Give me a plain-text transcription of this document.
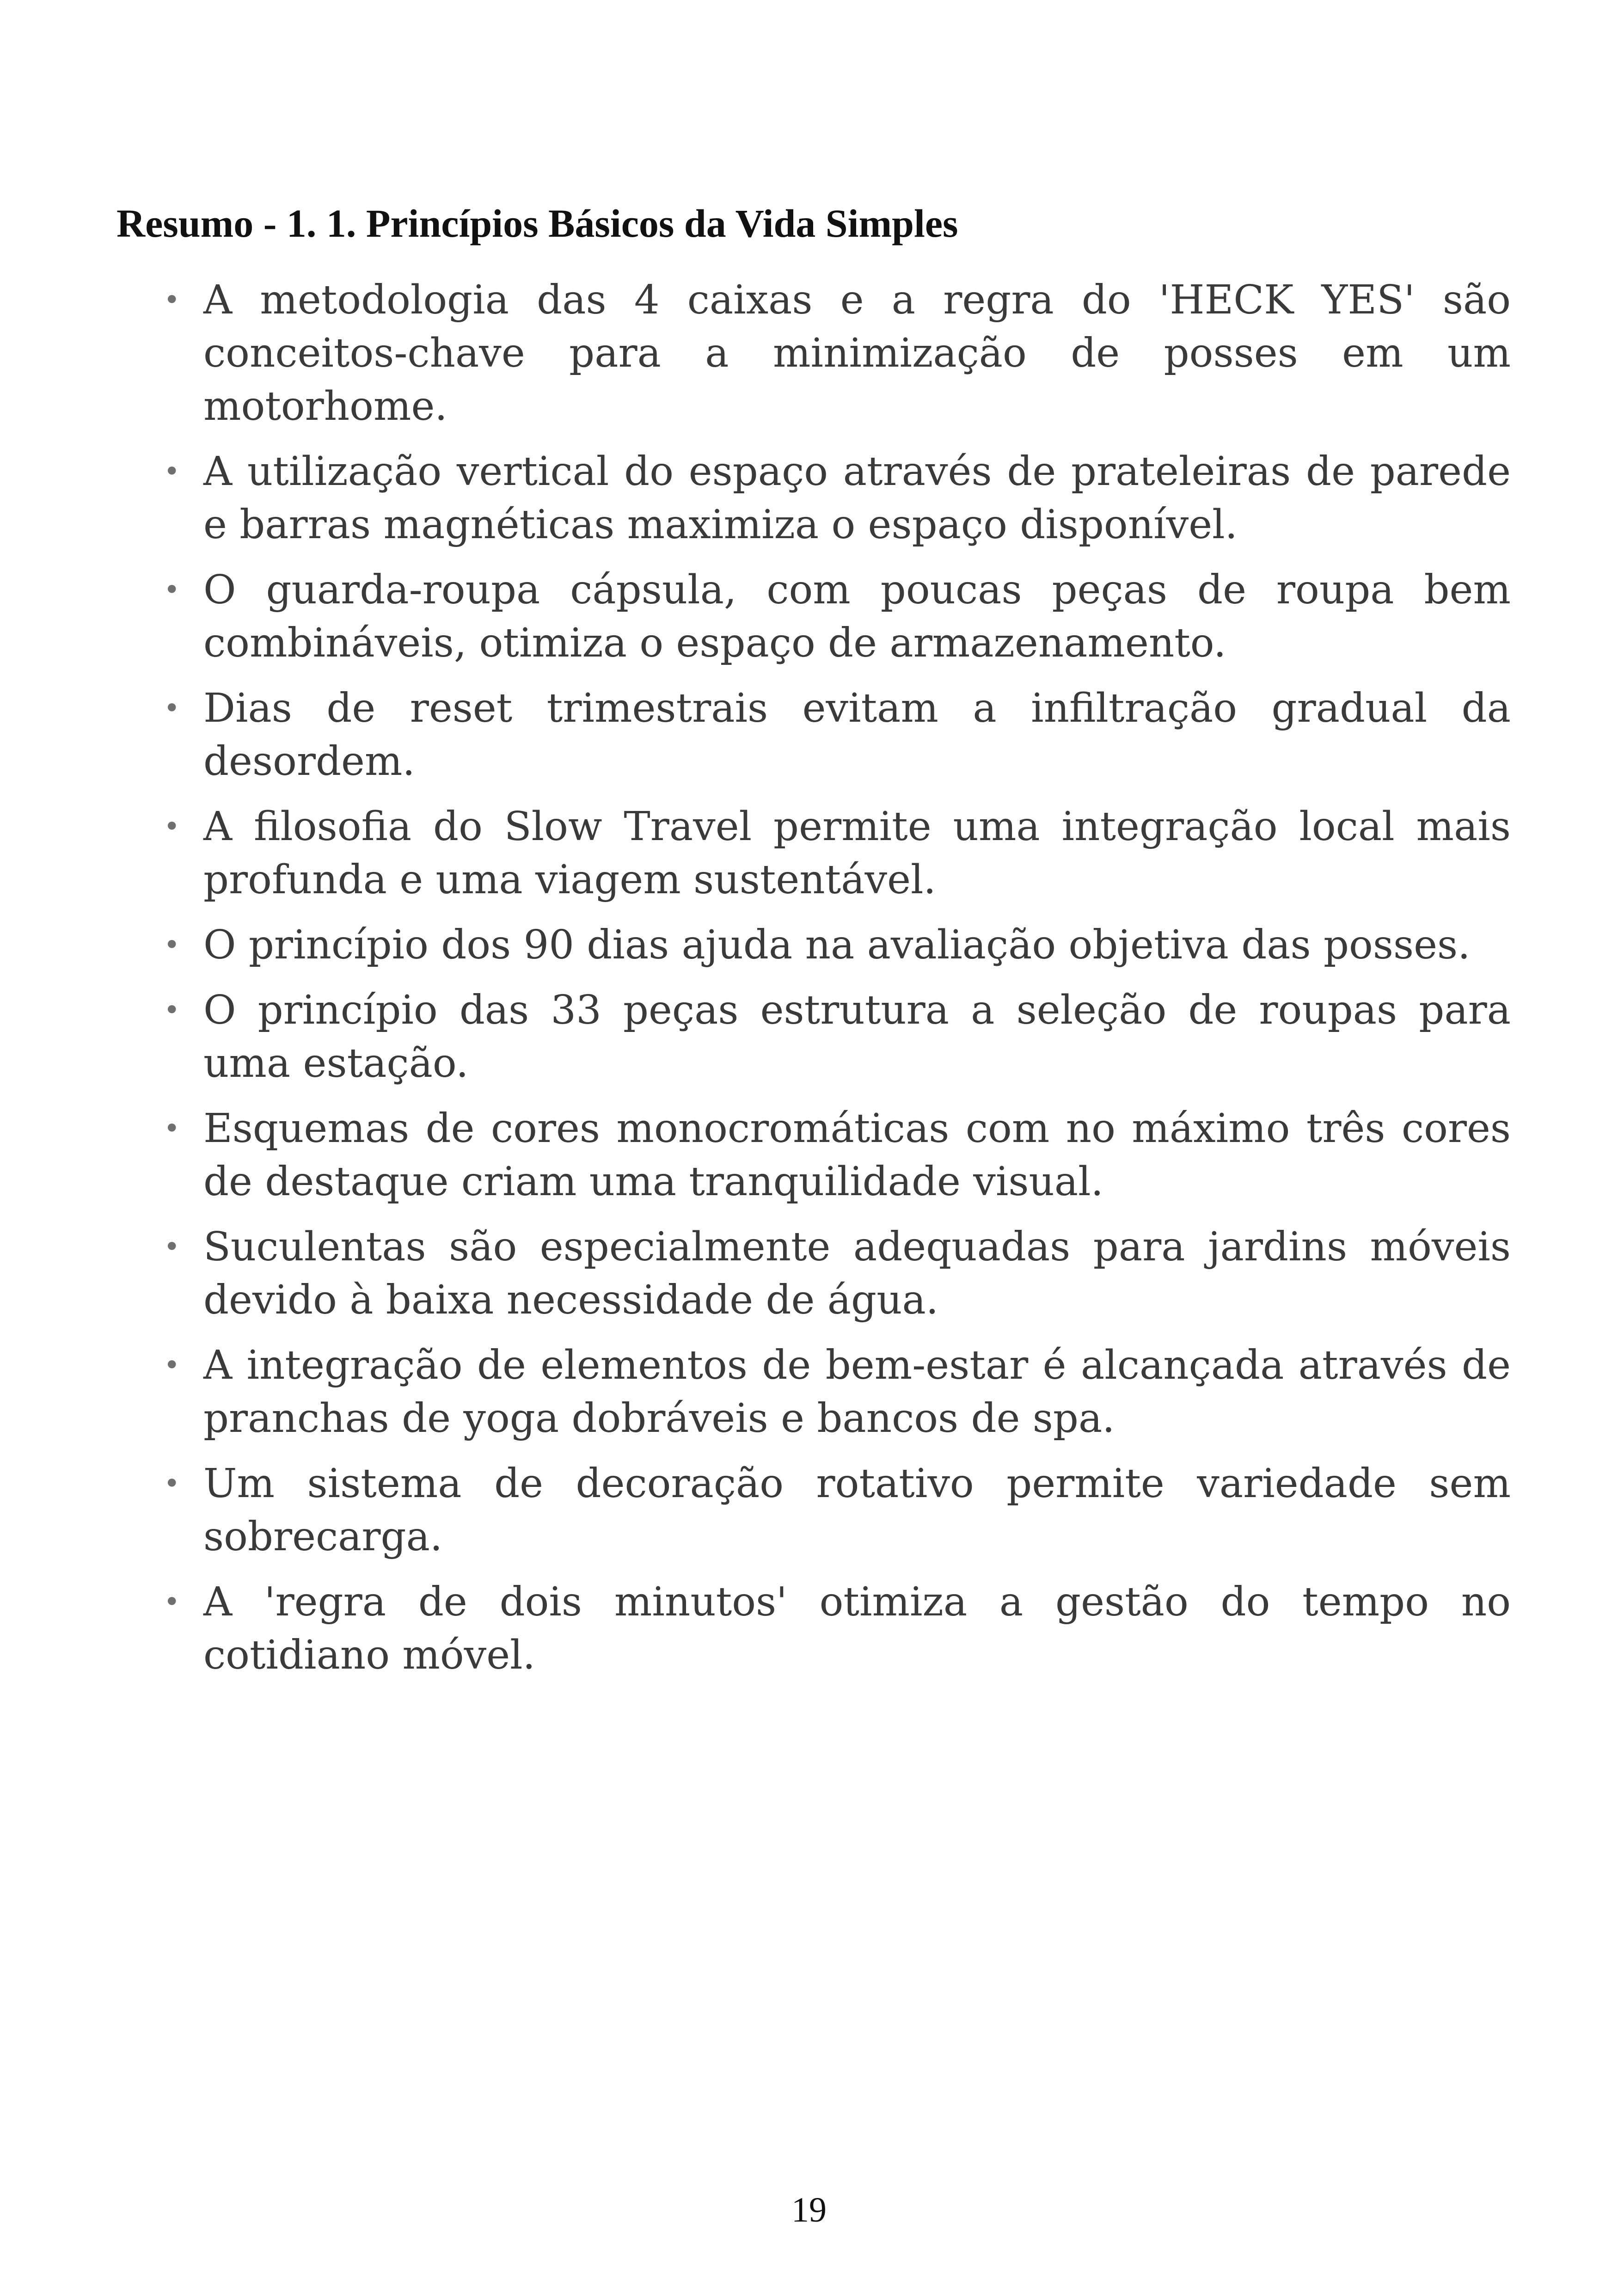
Resumo - 1. 1. Princípios Básicos da Vida Simples
• A metodologia das 4 caixas e a regra do 'HECK YES' são conceitos-chave para a minimização de posses em um motorhome.
• A utilização vertical do espaço através de prateleiras de parede e barras magnéticas maximiza o espaço disponível.
• O guarda-roupa cápsula, com poucas peças de roupa bem combináveis, otimiza o espaço de armazenamento.
• Dias de reset trimestrais evitam a infiltração gradual da desordem.
• A filosofia do Slow Travel permite uma integração local mais profunda e uma viagem sustentável.
• O princípio dos 90 dias ajuda na avaliação objetiva das posses.
• O princípio das 33 peças estrutura a seleção de roupas para uma estação.
• Esquemas de cores monocromáticas com no máximo três cores de destaque criam uma tranquilidade visual.
• Suculentas são especialmente adequadas para jardins móveis devido à baixa necessidade de água.
• A integração de elementos de bem-estar é alcançada através de pranchas de yoga dobráveis e bancos de spa.
• Um sistema de decoração rotativo permite variedade sem sobrecarga.
• A 'regra de dois minutos' otimiza a gestão do tempo no cotidiano móvel.
19
